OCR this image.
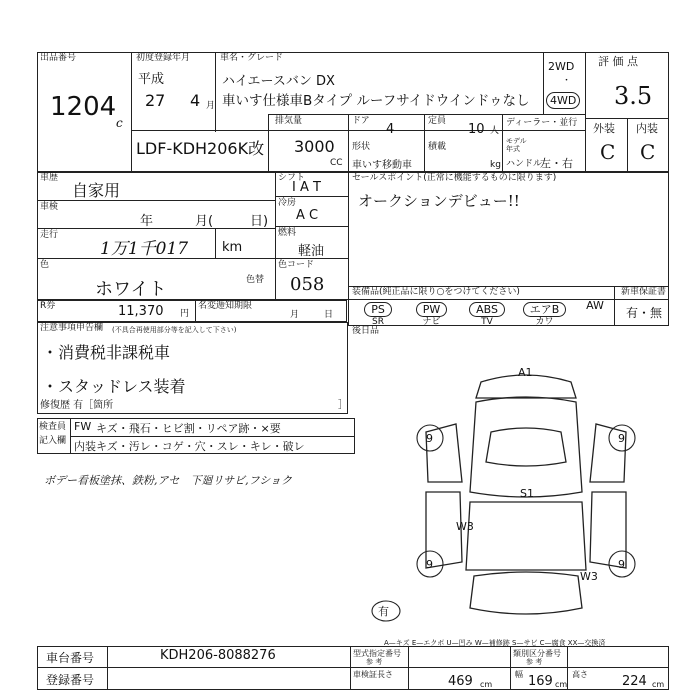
出品番号
1204
c
初度登録年月
平成
27 4 月
車名・グレード
ハイエースバン DX
車いす仕様車Bタイプ ルーフサイドウインドゥなし
LDF-KDH206K改
排気量
3000
CC
ドア
4
形状
車いす移動車
定員
10 人
積載
kg
ディーラー・並行
モデル
年式
ハンドル
左・右
2WD
・
4WD
評 価 点
3.5
外装 内装
C C
車歴
自家用
車検
年	月(	日)
走行
1万1千017	km
シフト
I A T
冷房
A C
燃料
軽油
色
ホワイト	色替
色コード
058
セールスポイント(正常に機能するものに限ります)
オークションデビュー!!
R券	11,370 円
名変逓知期限
月	日
装備品(純正品に限り○をつけてください)
PS
SR
PW
ナビ
ABS
TV
エアB
カワ
AW
新車保証書
有・無
注意事項申告欄 (不具合再使用部分等を記入して下さい)
・消費税非課税車
・スタッドレス装着
修復歴 有［箇所	］
後日品
検査員
記入欄
FW キズ・飛石・ヒビ割・リペア跡・×要
内装 キズ・汚レ・コゲ・穴・スレ・キレ・破レ
ボデー看板塗抹、鉄粉,アセ　下廻リサビ,フショク
A1
9	9
S1
W3
9	9
W3
有
A—キズ E—エクボ U—凹み W—補修跡 S—サビ C—腐食 XX—交換済
車台番号	KDH206-8088276
登録番号
型式指定番号
参 考
類別区分番号
参 考
車検証長さ	469 cm
幅 169 cm
高さ	224 cm
